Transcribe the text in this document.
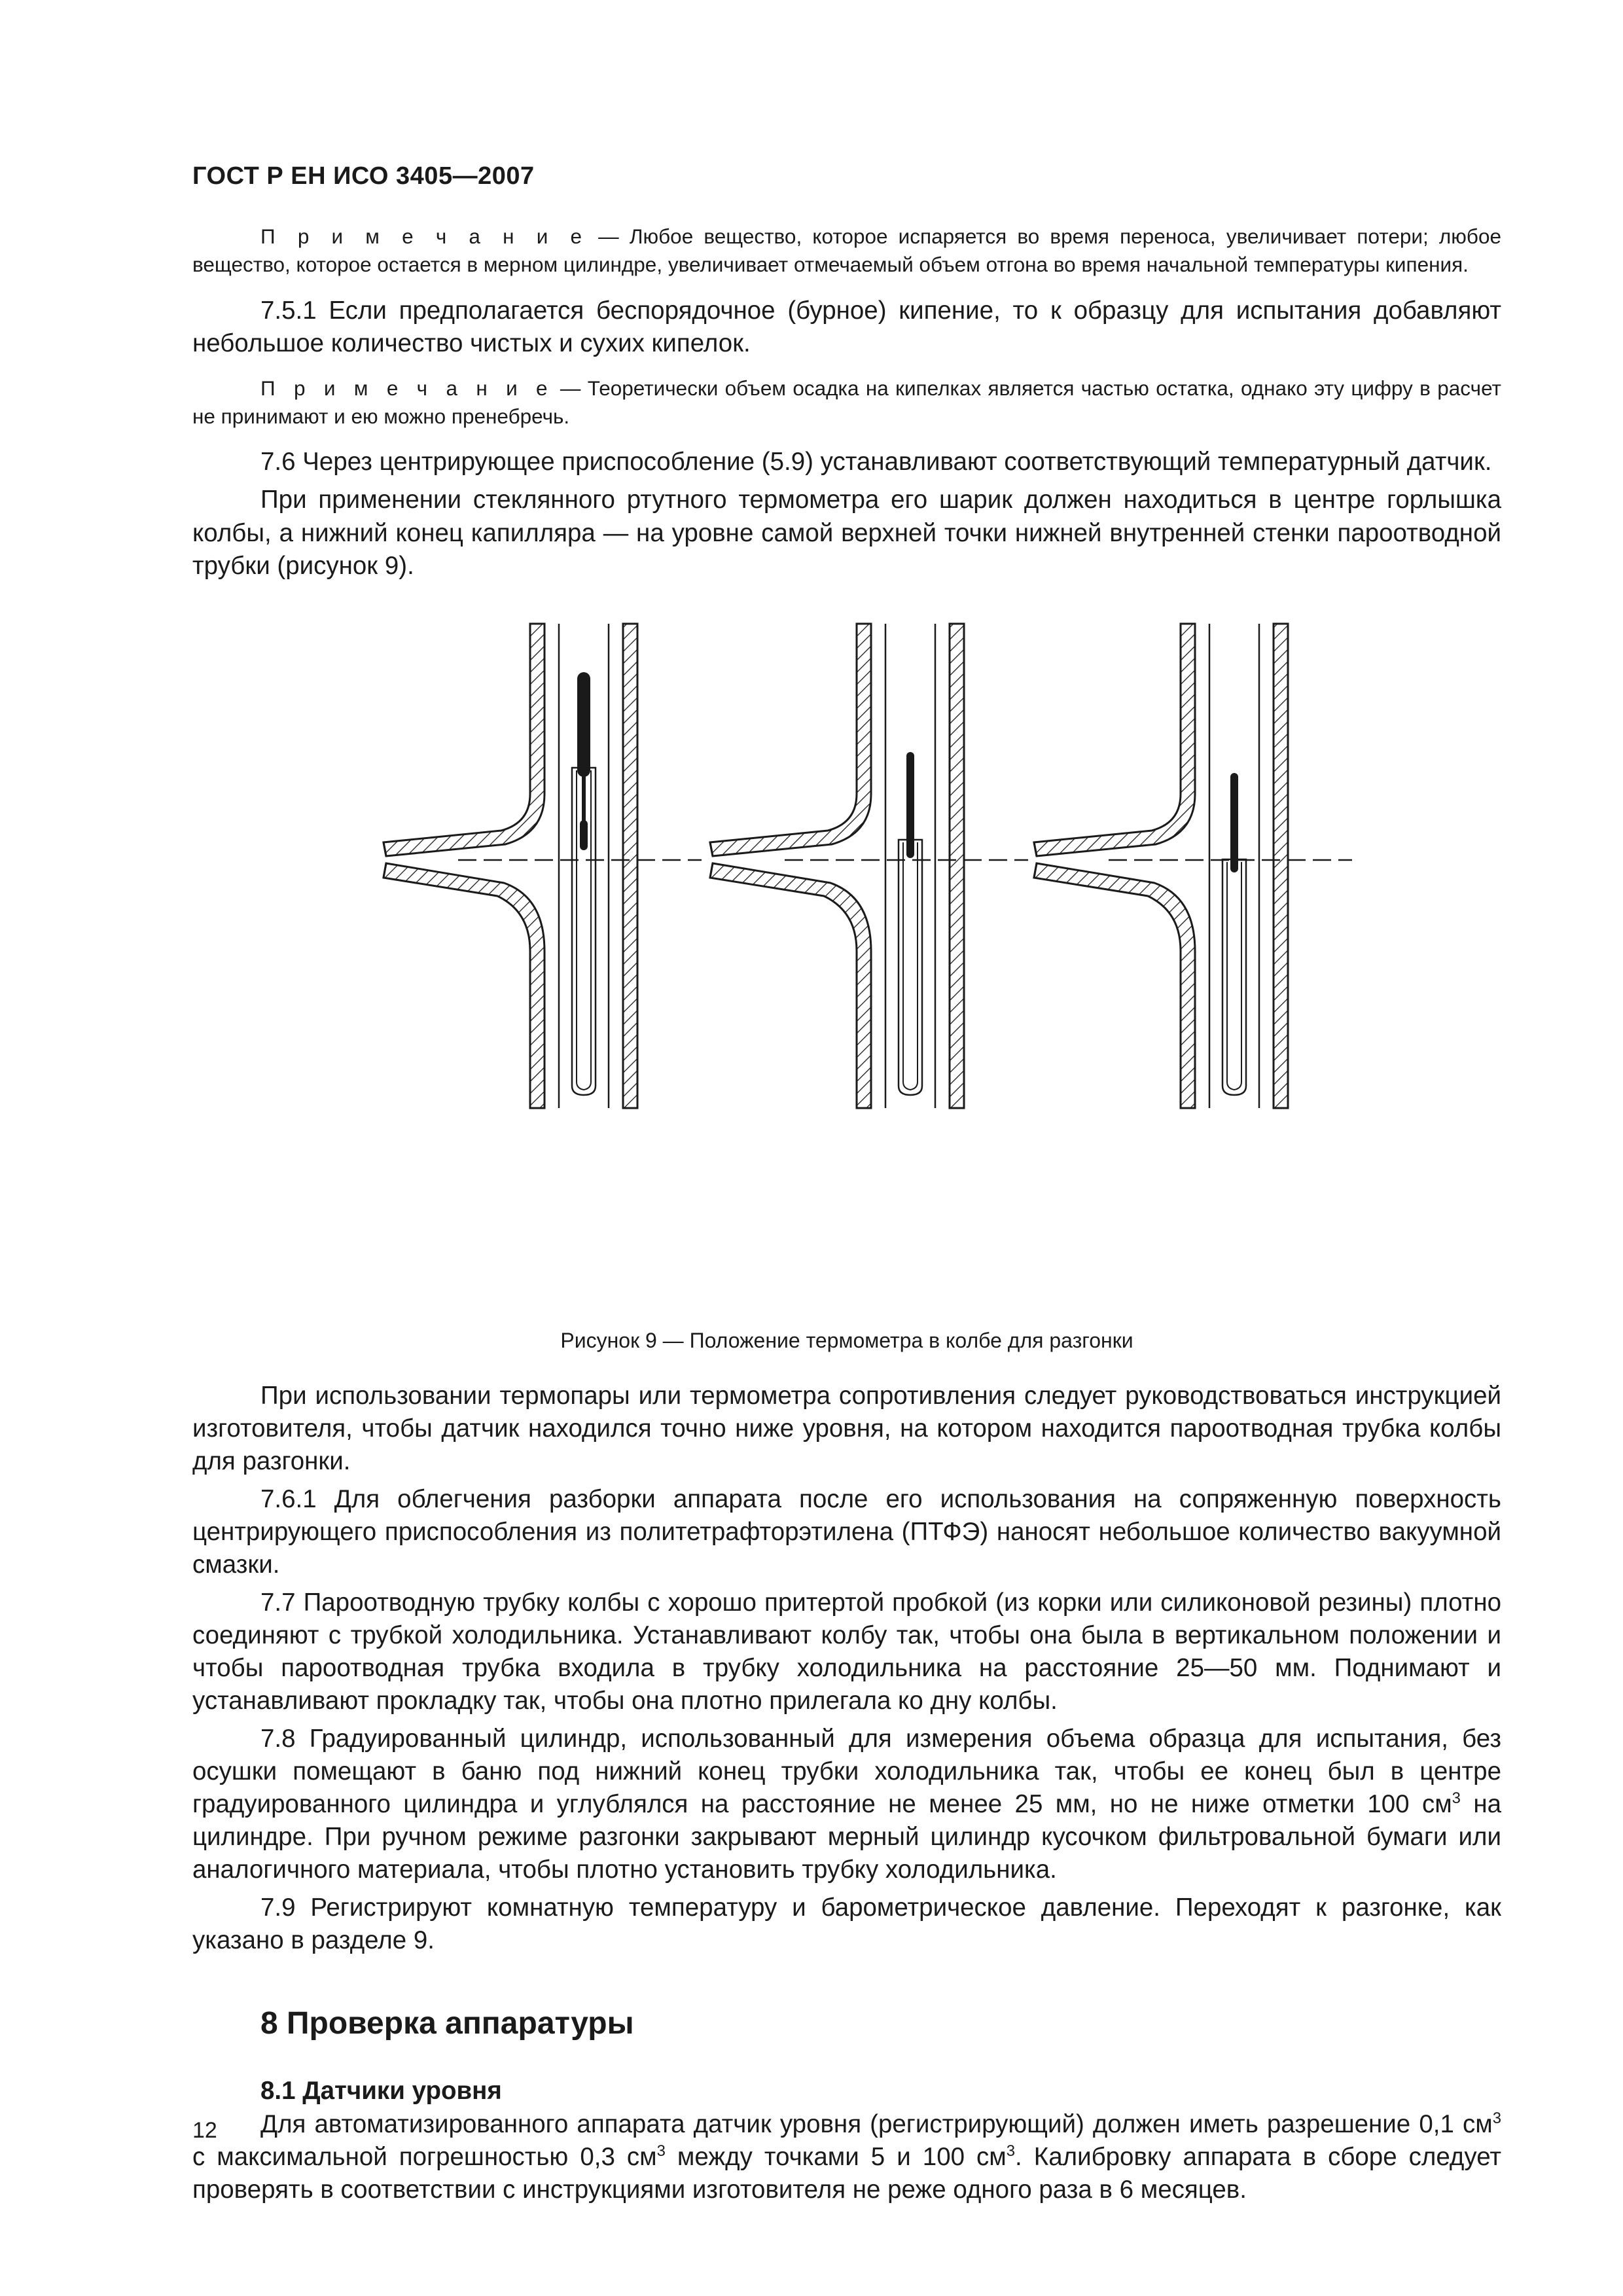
ГОСТ Р ЕН ИСО 3405—2007

П р и м е ч а н и е — Любое вещество, которое испаряется во время переноса, увеличивает потери; любое вещество, которое остается в мерном цилиндре, увеличивает отмечаемый объем отгона во время начальной температуры кипения.

7.5.1 Если предполагается беспорядочное (бурное) кипение, то к образцу для испытания добавляют небольшое количество чистых и сухих кипелок.

П р и м е ч а н и е — Теоретически объем осадка на кипелках является частью остатка, однако эту цифру в расчет не принимают и ею можно пренебречь.

7.6 Через центрирующее приспособление (5.9) устанавливают соответствующий температурный датчик.

При применении стеклянного ртутного термометра его шарик должен находиться в центре горлышка колбы, а нижний конец капилляра — на уровне самой верхней точки нижней внутренней стенки пароотводной трубки (рисунок 9).

Рисунок 9 — Положение термометра в колбе для разгонки

При использовании термопары или термометра сопротивления следует руководствоваться инструкцией изготовителя, чтобы датчик находился точно ниже уровня, на котором находится пароотводная трубка колбы для разгонки.

7.6.1 Для облегчения разборки аппарата после его использования на сопряженную поверхность центрирующего приспособления из политетрафторэтилена (ПТФЭ) наносят небольшое количество вакуумной смазки.

7.7 Пароотводную трубку колбы с хорошо притертой пробкой (из корки или силиконовой резины) плотно соединяют с трубкой холодильника. Устанавливают колбу так, чтобы она была в вертикальном положении и чтобы пароотводная трубка входила в трубку холодильника на расстояние 25—50 мм. Поднимают и устанавливают прокладку так, чтобы она плотно прилегала ко дну колбы.

7.8 Градуированный цилиндр, использованный для измерения объема образца для испытания, без осушки помещают в баню под нижний конец трубки холодильника так, чтобы ее конец был в центре градуированного цилиндра и углублялся на расстояние не менее 25 мм, но не ниже отметки 100 $см^3$ на цилиндре. При ручном режиме разгонки закрывают мерный цилиндр кусочком фильтровальной бумаги или аналогичного материала, чтобы плотно установить трубку холодильника.

7.9 Регистрируют комнатную температуру и барометрическое давление. Переходят к разгонке, как указано в разделе 9.

8 Проверка аппаратуры
8.1 Датчики уровня

Для автоматизированного аппарата датчик уровня (регистрирующий) должен иметь разрешение 0,1 $см^3$ с максимальной погрешностью 0,3 $см^3$ между точками 5 и 100 $см^3$. Калибровку аппарата в сборе следует проверять в соответствии с инструкциями изготовителя не реже одного раза в 6 месяцев.

12
